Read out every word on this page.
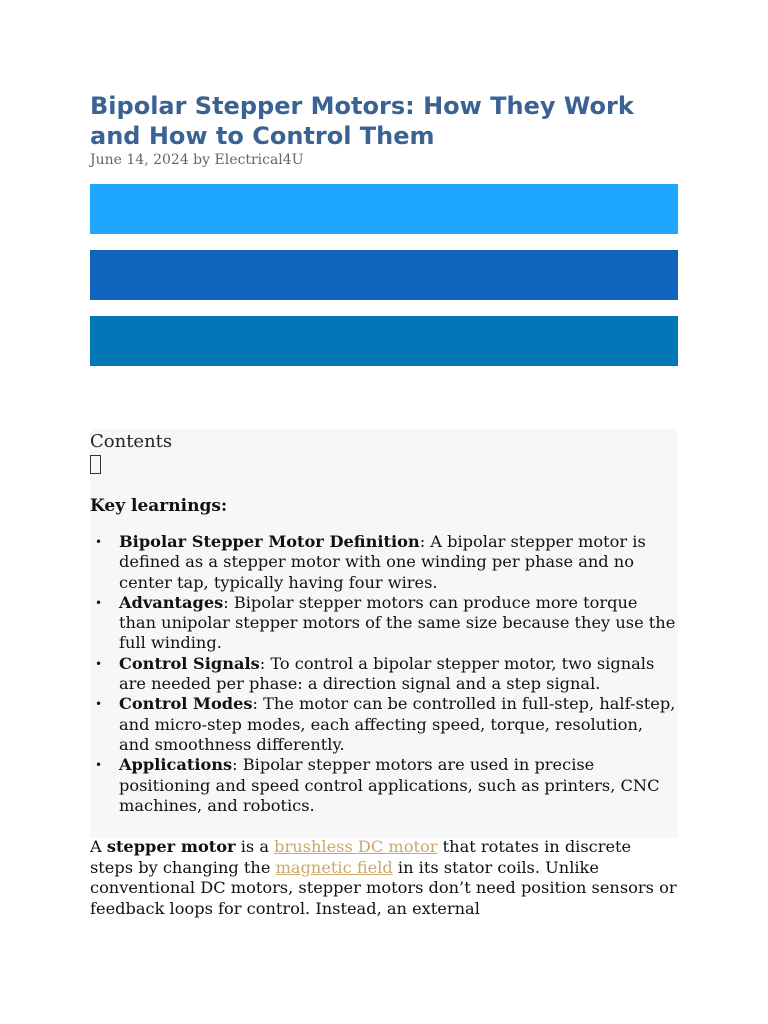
Bipolar Stepper Motors: How They Work and How to Control Them
June 14, 2024 by Electrical4U
Contents
Key learnings:
• Bipolar Stepper Motor Definition: A bipolar stepper motor is defined as a stepper motor with one winding per phase and no center tap, typically having four wires.
• Advantages: Bipolar stepper motors can produce more torque than unipolar stepper motors of the same size because they use the full winding.
• Control Signals: To control a bipolar stepper motor, two signals are needed per phase: a direction signal and a step signal.
• Control Modes: The motor can be controlled in full-step, half-step, and micro-step modes, each affecting speed, torque, resolution, and smoothness differently.
• Applications: Bipolar stepper motors are used in precise positioning and speed control applications, such as printers, CNC machines, and robotics.

A stepper motor is a brushless DC motor that rotates in discrete steps by changing the magnetic field in its stator coils. Unlike conventional DC motors, stepper motors don’t need position sensors or feedback loops for control. Instead, an external
